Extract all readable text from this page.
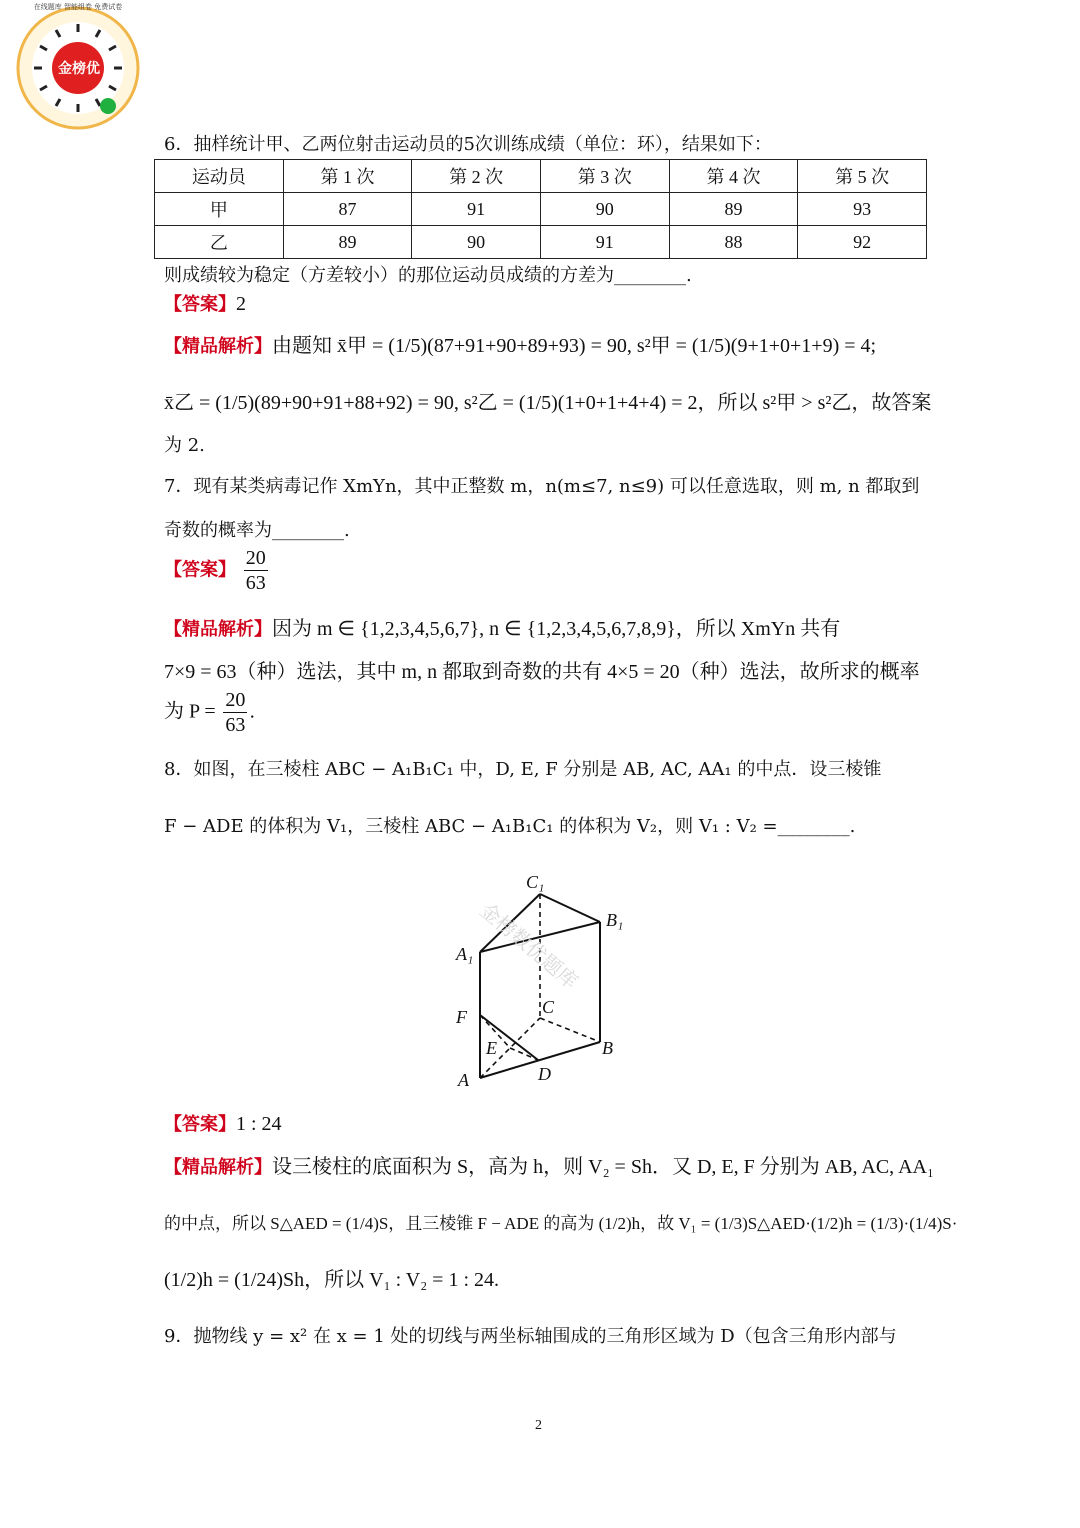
金榜优
在线题库 智能组卷 免费试卷
6．抽样统计甲、乙两位射击运动员的5次训练成绩（单位：环），结果如下：
运动员	第 1 次	第 2 次	第 3 次	第 4 次	第 5 次
甲	87	91	90	89	93
乙	89	90	91	88	92
则成绩较为稳定（方差较小）的那位运动员成绩的方差为________.
【答案】2
【精品解析】由题知 x̄甲 = (1/5)(87+91+90+89+93) = 90, s²甲 = (1/5)(9+1+0+1+9) = 4;
x̄乙 = (1/5)(89+90+91+88+92) = 90, s²乙 = (1/5)(1+0+1+4+4) = 2，所以 s²甲 > s²乙，故答案
为 2.
7．现有某类病毒记作 XmYn，其中正整数 m，n(m≤7, n≤9) 可以任意选取，则 m, n 都取到
奇数的概率为________.
【答案】 $\frac{20}{63}$
【精品解析】因为 m ∈ {1,2,3,4,5,6,7}, n ∈ {1,2,3,4,5,6,7,8,9}，所以 XmYn 共有
7×9 = 63（种）选法，其中 m, n 都取到奇数的共有 4×5 = 20（种）选法，故所求的概率
为 $P = \frac{20}{63}$ .
8．如图，在三棱柱 ABC − A₁B₁C₁ 中，D, E, F 分别是 AB, AC, AA₁ 的中点．设三棱锥
F − ADE 的体积为 V₁，三棱柱 ABC − A₁B₁C₁ 的体积为 V₂，则 V₁ : V₂ =________.
C₁
B₁
A₁
C
F
E	B
A	D
金榜数优题库
【答案】1 : 24
【精品解析】设三棱柱的底面积为 S，高为 h，则 V₂ = Sh．又 D, E, F 分别为 AB, AC, AA₁
的中点，所以 S△AED = (1/4)S，且三棱锥 F − ADE 的高为 (1/2)h，故 V₁ = (1/3)S△AED·(1/2)h = (1/3)·(1/4)S·
(1/2)h = (1/24)Sh，所以 V₁ : V₂ = 1 : 24.
9．抛物线 y = x² 在 x = 1 处的切线与两坐标轴围成的三角形区域为 D（包含三角形内部与
2
